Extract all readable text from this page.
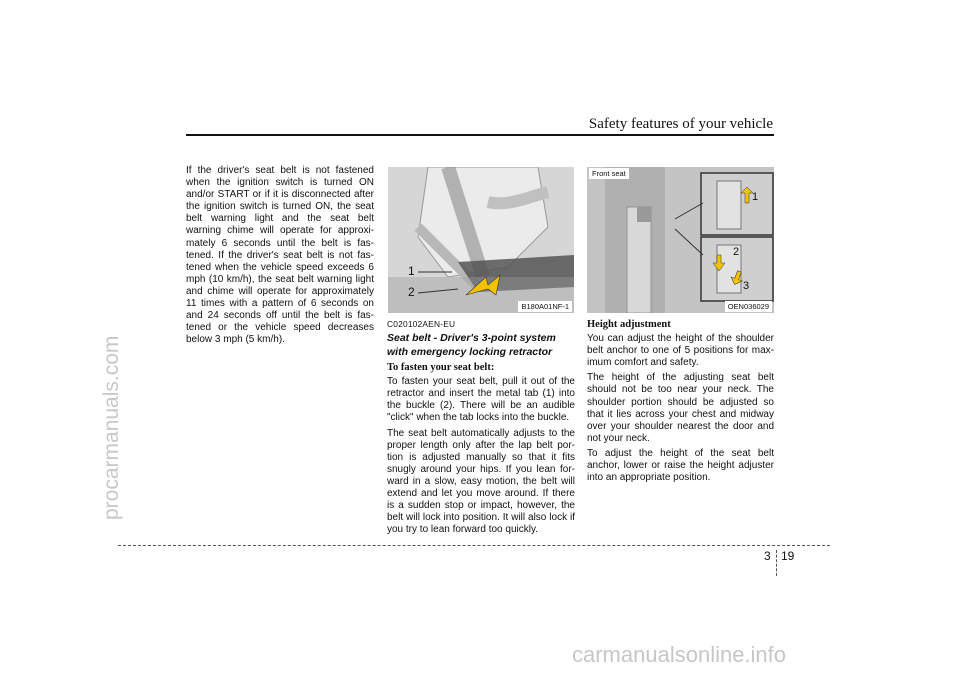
procarmanuals.com
carmanualsonline.info
Safety features of your vehicle

If the driver's seat belt is not fastened when the ignition switch is turned ON and/or START or if it is disconnected after the ignition switch is turned ON, the seat belt warning light and the seat belt warning chime will operate for approxi-mately 6 seconds until the belt is fas-tened. If the driver's seat belt is not fas-tened when the vehicle speed exceeds 6 mph (10 km/h), the seat belt warning light and chime will operate for approximately 11 times with a pattern of 6 seconds on and 24 seconds off until the belt is fas-tened or the vehicle speed decreases below 3 mph (5 km/h).

1
2
B180A01NF-1
C020102AEN-EU
Seat belt - Driver's 3-point system
with emergency locking retractor
To fasten your seat belt:

To fasten your seat belt, pull it out of the retractor and insert the metal tab (1) into the buckle (2). There will be an audible "click" when the tab locks into the buckle.

The seat belt automatically adjusts to the proper length only after the lap belt por-tion is adjusted manually so that it fits snugly around your hips. If you lean for-ward in a slow, easy motion, the belt will extend and let you move around. If there is a sudden stop or impact, however, the belt will lock into position. It will also lock if you try to lean forward too quickly.

Front seat
1
2
3
OEN036029
Height adjustment

You can adjust the height of the shoulder belt anchor to one of 5 positions for max-imum comfort and safety.

The height of the adjusting seat belt should not be too near your neck. The shoulder portion should be adjusted so that it lies across your chest and midway over your shoulder nearest the door and not your neck.

To adjust the height of the seat belt anchor, lower or raise the height adjuster into an appropriate position.

3 19
